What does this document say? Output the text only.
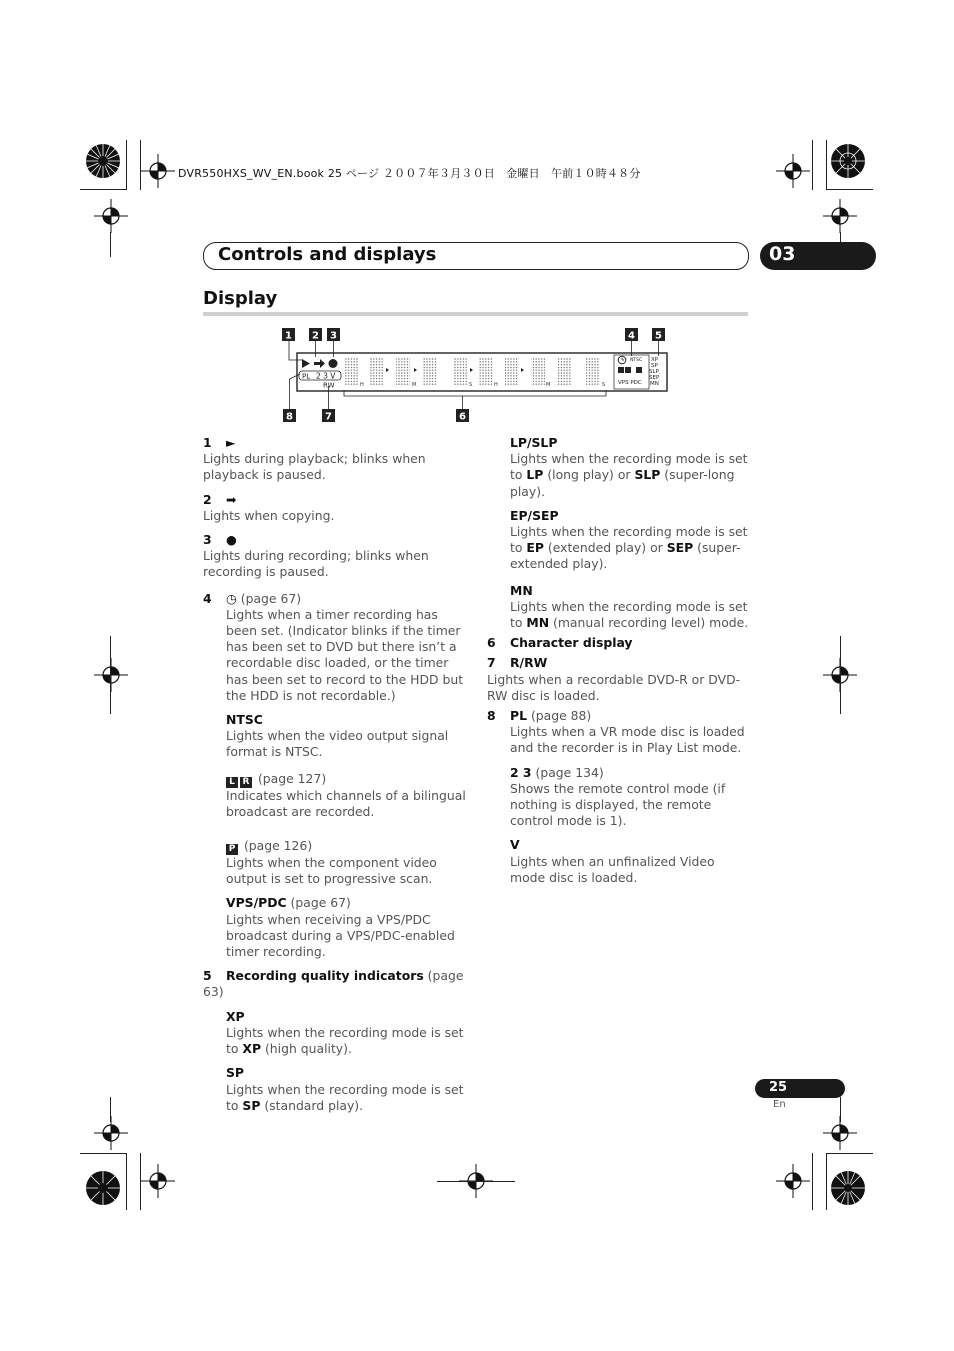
DVR550HXS_WV_EN.book 25 ページ ２００７年３月３０日　金曜日　午前１０時４８分
Controls and displays	03
Display
1 2 3	4 5
8	7	6
PL 2 3 V
RW	H	M	S	H	M	S
NTSC
VPS PDC
XP
SP
SLP
SEP
MN

1 ►

Lights during playback; blinks when playback is paused.

2 ➡

Lights when copying.

3 ●

Lights during recording; blinks when recording is paused.

4 ◷ (page 67)

Lights when a timer recording has been set. (Indicator blinks if the timer has been set to DVD but there isn’t a recordable disc loaded, or the timer has been set to record to the HDD but the HDD is not recordable.)

NTSC

Lights when the video output signal format is NTSC.

L R (page 127)

Indicates which channels of a bilingual broadcast are recorded.

P (page 126)

Lights when the component video output is set to progressive scan.

VPS/PDC (page 67)

Lights when receiving a VPS/PDC broadcast during a VPS/PDC-enabled timer recording.

5 Recording quality indicators (page 63)

XP

Lights when the recording mode is set to XP (high quality).

SP

Lights when the recording mode is set to SP (standard play).

LP/SLP

Lights when the recording mode is set to LP (long play) or SLP (super-long play).

EP/SEP

Lights when the recording mode is set to EP (extended play) or SEP (super-extended play).

MN

Lights when the recording mode is set to MN (manual recording level) mode.

6 Character display

7 R/RW

Lights when a recordable DVD-R or DVD-RW disc is loaded.

8 PL (page 88)

Lights when a VR mode disc is loaded and the recorder is in Play List mode.

2 3 (page 134)

Shows the remote control mode (if nothing is displayed, the remote control mode is 1).

V

Lights when an unfinalized Video mode disc is loaded.

25
En
